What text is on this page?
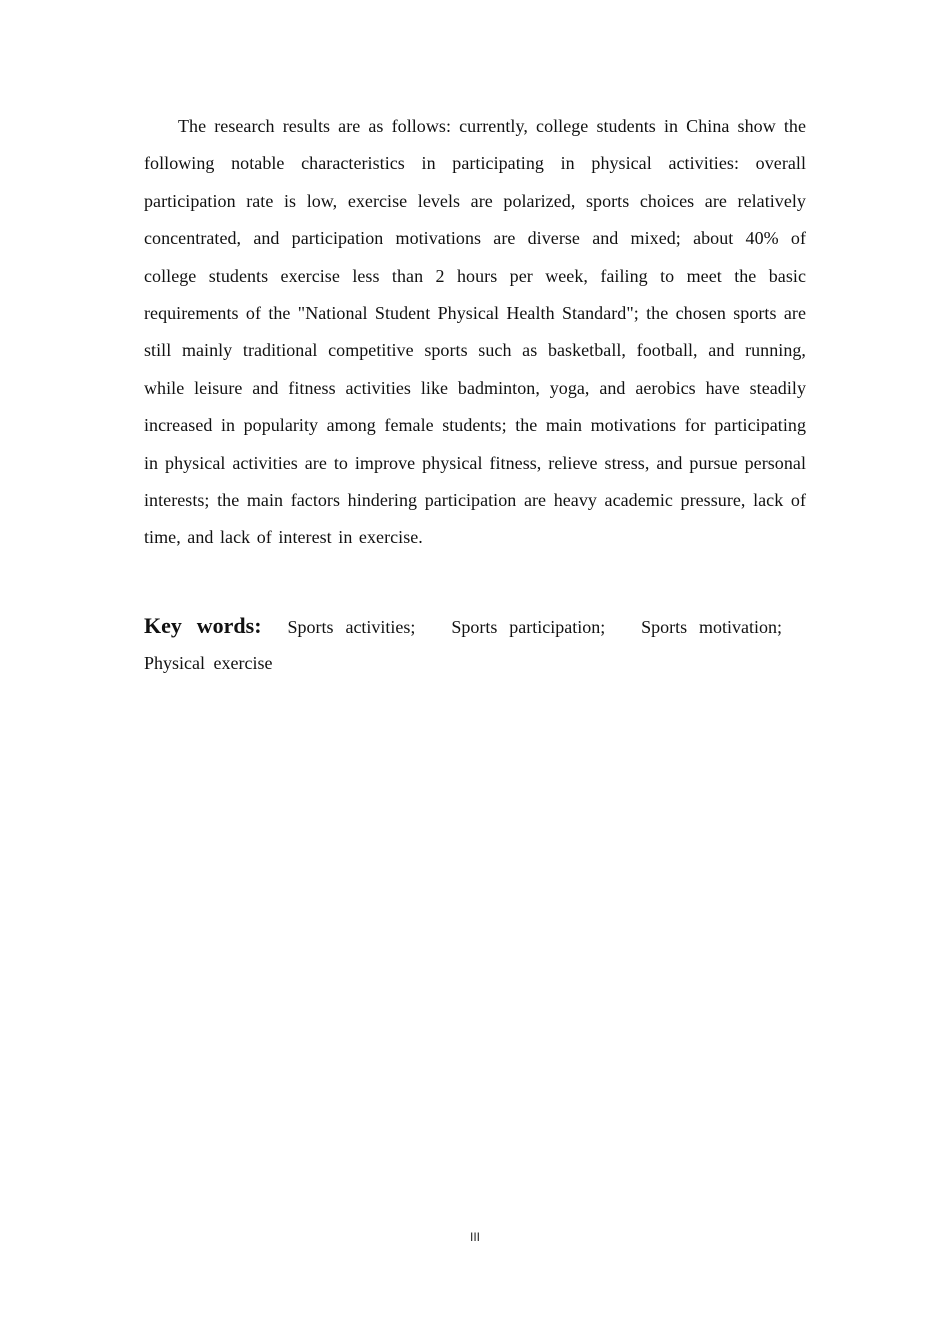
The research results are as follows: currently, college students in China show the following notable characteristics in participating in physical activities: overall participation rate is low, exercise levels are polarized, sports choices are relatively concentrated, and participation motivations are diverse and mixed; about 40% of college students exercise less than 2 hours per week, failing to meet the basic requirements of the "National Student Physical Health Standard"; the chosen sports are still mainly traditional competitive sports such as basketball, football, and running, while leisure and fitness activities like badminton, yoga, and aerobics have steadily increased in popularity among female students; the main motivations for participating in physical activities are to improve physical fitness, relieve stress, and pursue personal interests; the main factors hindering participation are heavy academic pressure, lack of time, and lack of interest in exercise.

Key words: Sports activities; Sports participation; Sports motivation; Physical exercise

III
